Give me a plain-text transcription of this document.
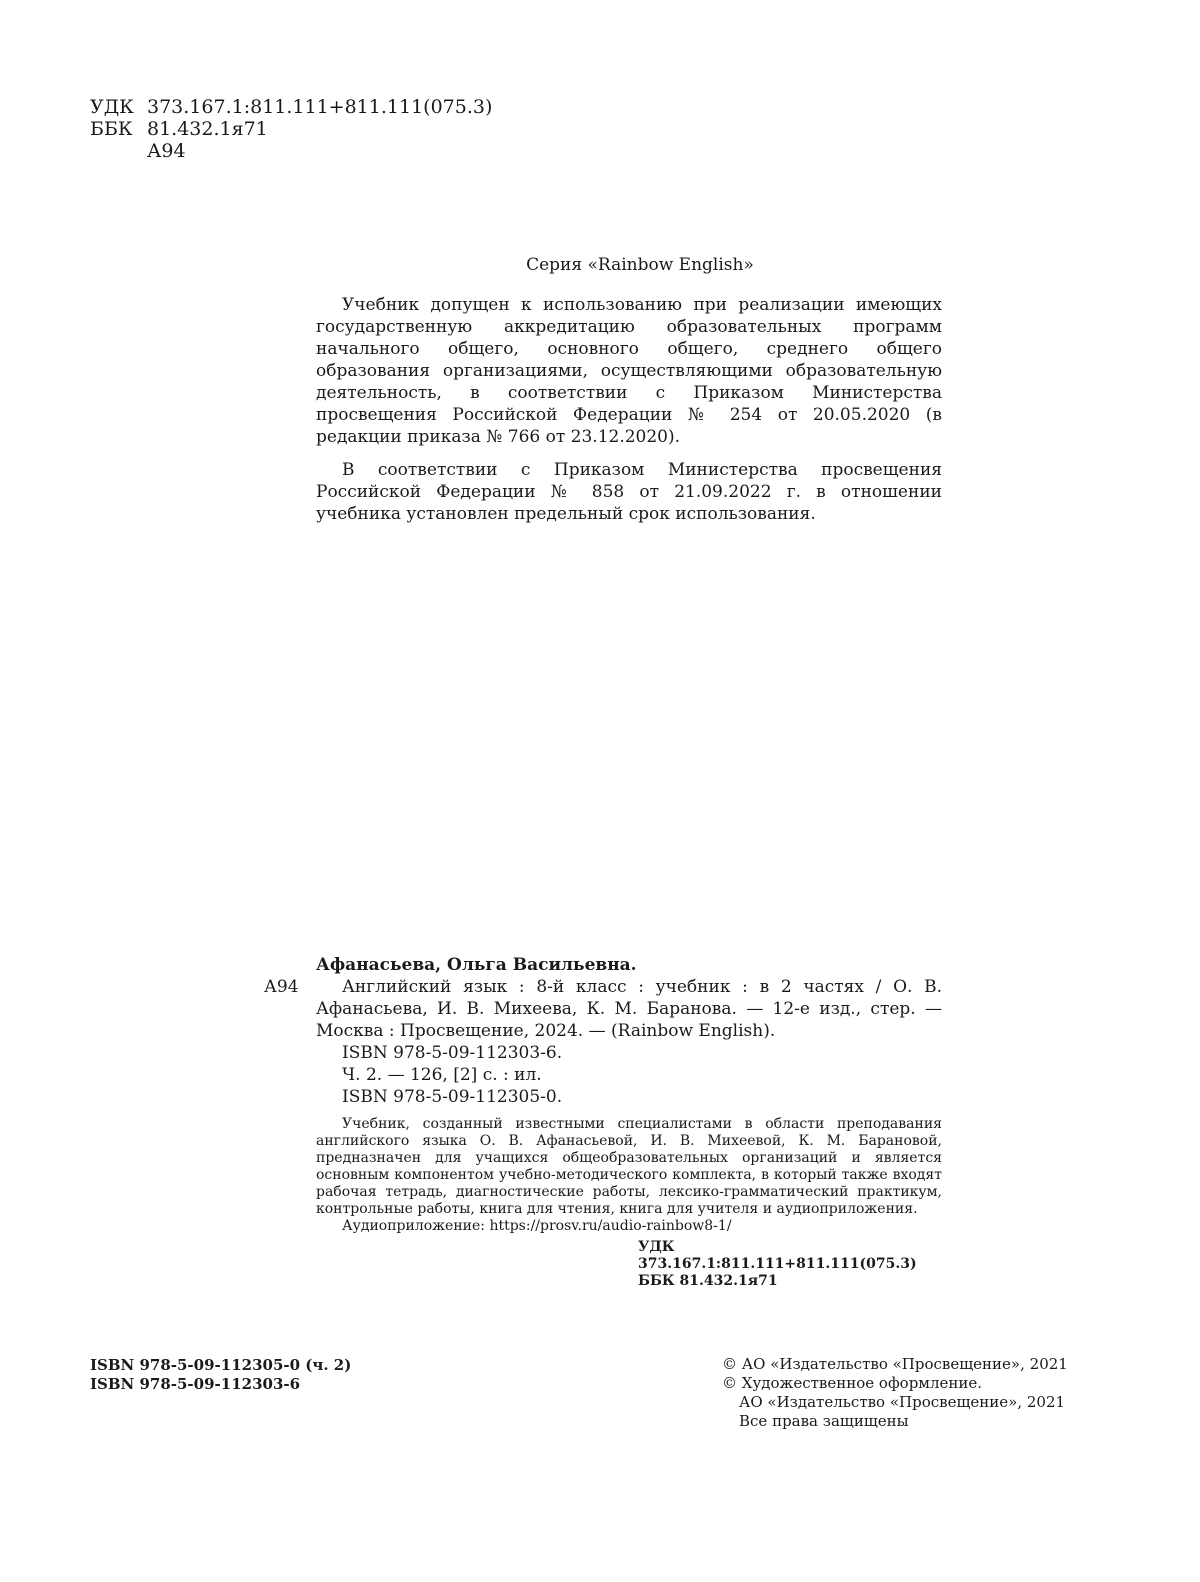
УДК 373.167.1:811.111+811.111(075.3)
ББК 81.432.1я71
А94
Серия «Rainbow English»

Учебник допущен к использованию при реализации имеющих государственную аккредитацию образовательных программ начального общего, основного общего, среднего общего образования организациями, осуществляющими образовательную деятельность, в соответствии с Приказом Министерства просвещения Российской Федерации № 254 от 20.05.2020 (в редакции приказа № 766 от 23.12.2020).

В соответствии с Приказом Министерства просвещения Российской Федерации № 858 от 21.09.2022 г. в отношении учебника установлен предельный срок использования.

Афанасьева, Ольга Васильевна.
А94	Английский язык : 8-й класс : учебник : в 2 частях / О. В. Афанасьева, И. В. Михеева, К. М. Баранова. — 12-е изд., стер. — Москва : Просвещение, 2024. — (Rainbow English).
ISBN 978-5-09-112303-6.
Ч. 2. — 126, [2] с. : ил.
ISBN 978-5-09-112305-0.
Учебник, созданный известными специалистами в области преподавания английского языка О. В. Афанасьевой, И. В. Михеевой, К. М. Барановой, предназначен для учащихся общеобразовательных организаций и является основным компонентом учебно-методического комплекта, в который также входят рабочая тетрадь, диагностические работы, лексико-грамматический практикум, контрольные работы, книга для чтения, книга для учителя и аудиоприложения.
Аудиоприложение: https://prosv.ru/audio-rainbow8-1/
УДК 373.167.1:811.111+811.111(075.3)
ББК 81.432.1я71
ISBN 978-5-09-112305-0 (ч. 2)
ISBN 978-5-09-112303-6
© АО «Издательство «Просвещение», 2021
© Художественное оформление.
АО «Издательство «Просвещение», 2021
Все права защищены
